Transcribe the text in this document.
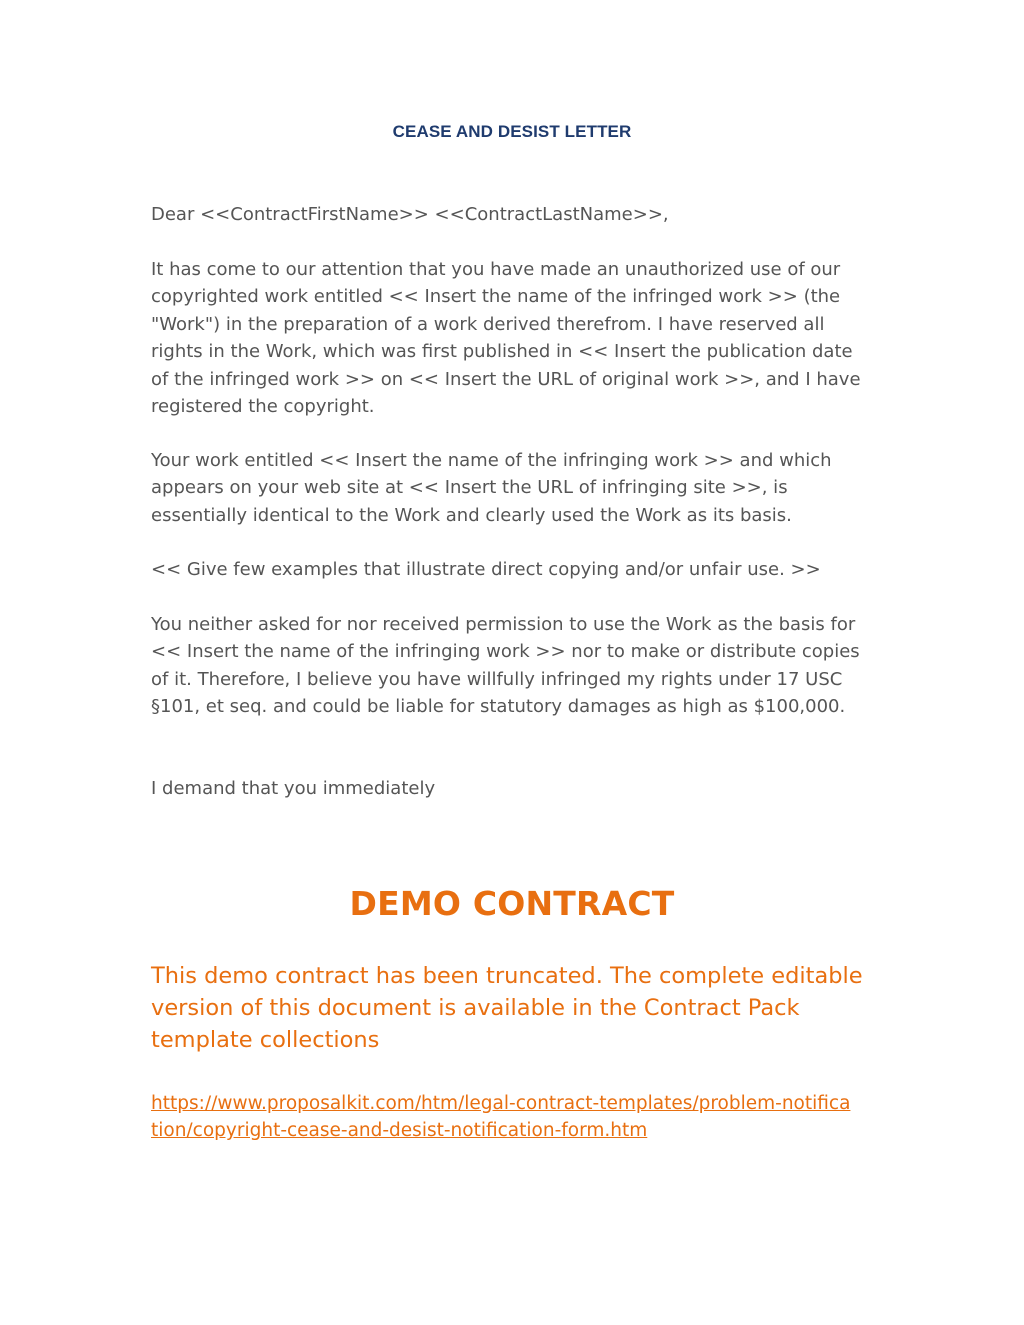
CEASE AND DESIST LETTER

Dear <<ContractFirstName>> <<ContractLastName>>,

It has come to our attention that you have made an unauthorized use of our copyrighted work entitled << Insert the name of the infringed work >> (the "Work") in the preparation of a work derived therefrom. I have reserved all rights in the Work, which was first published in << Insert the publication date of the infringed work >> on << Insert the URL of original work >>, and I have registered the copyright.

Your work entitled << Insert the name of the infringing work >> and which appears on your web site at << Insert the URL of infringing site >>, is essentially identical to the Work and clearly used the Work as its basis.

<< Give few examples that illustrate direct copying and/or unfair use. >>

You neither asked for nor received permission to use the Work as the basis for << Insert the name of the infringing work >> nor to make or distribute copies of it. Therefore, I believe you have willfully infringed my rights under 17 USC §101, et seq. and could be liable for statutory damages as high as $100,000.

I demand that you immediately

DEMO CONTRACT

This demo contract has been truncated. The complete editable version of this document is available in the Contract Pack template collections

https://www.proposalkit.com/htm/legal-contract-templates/problem-notification/copyright-cease-and-desist-notification-form.htm
